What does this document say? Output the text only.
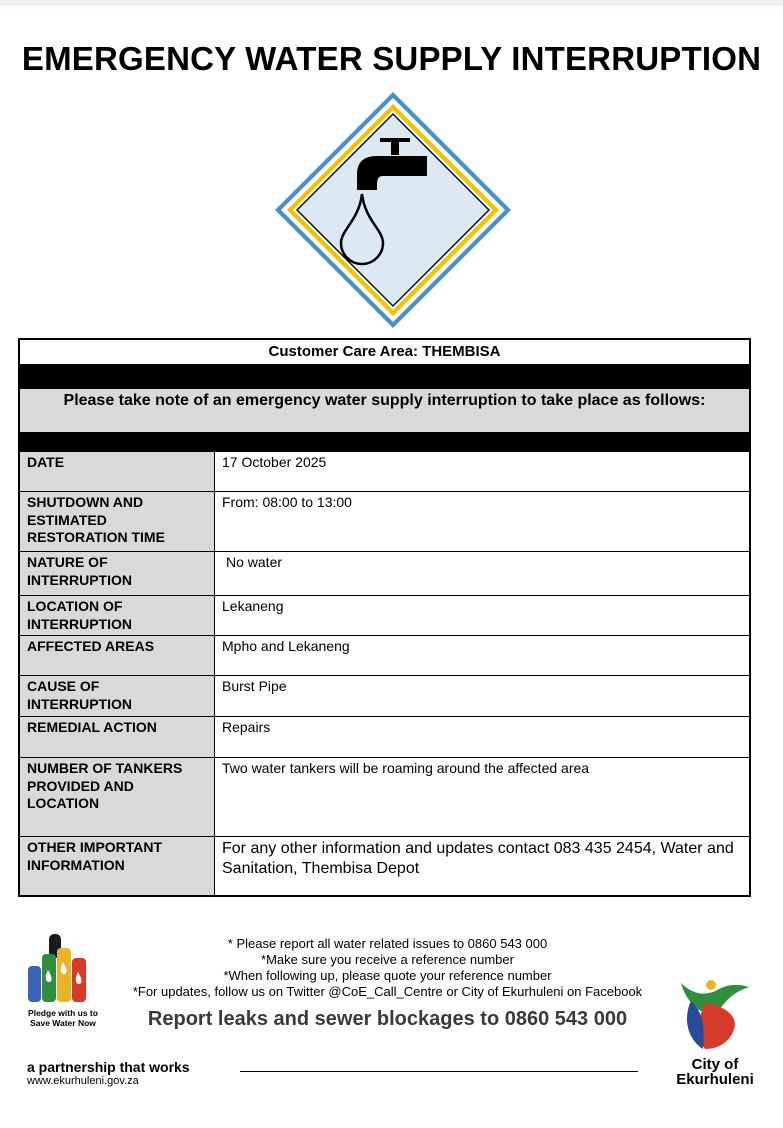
EMERGENCY WATER SUPPLY INTERRUPTION
Customer Care Area: THEMBISA
Please take note of an emergency water supply interruption to take place as follows:
DATE	17 October 2025
SHUTDOWN AND ESTIMATED RESTORATION TIME	From: 08:00 to 13:00
NATURE OF INTERRUPTION	No water
LOCATION OF INTERRUPTION	Lekaneng
AFFECTED AREAS	Mpho and Lekaneng
CAUSE OF INTERRUPTION	Burst Pipe
REMEDIAL ACTION	Repairs
NUMBER OF TANKERS PROVIDED AND LOCATION	Two water tankers will be roaming around the affected area
OTHER IMPORTANT INFORMATION	For any other information and updates contact 083 435 2454, Water and Sanitation, Thembisa Depot
Pledge with us to
Save Water Now
* Please report all water related issues to 0860 543 000
*Make sure you receive a reference number
*When following up, please quote your reference number
*For updates, follow us on Twitter @CoE_Call_Centre or City of Ekurhuleni on Facebook
Report leaks and sewer blockages to 0860 543 000
a partnership that works
www.ekurhuleni.gov.za
City of
Ekurhuleni
